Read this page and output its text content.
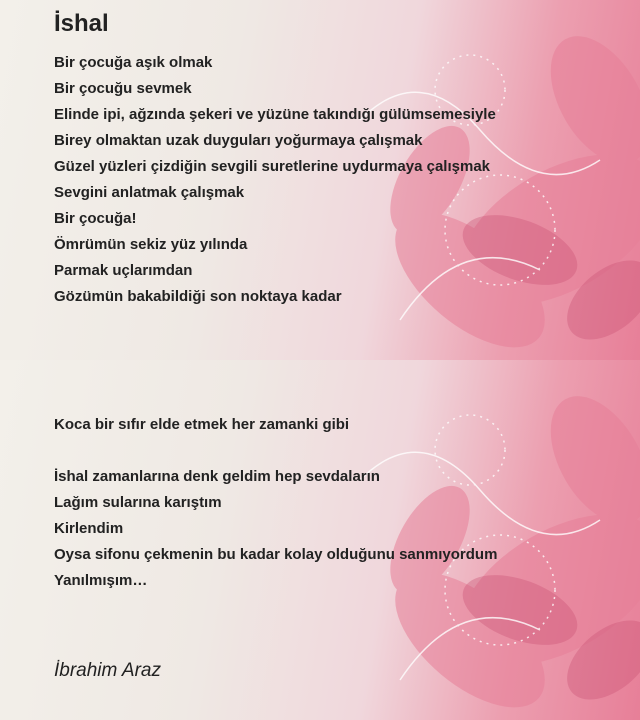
İshal
Bir çocuğa aşık olmak
Bir çocuğu sevmek
Elinde ipi, ağzında şekeri ve yüzüne takındığı gülümsemesiyle
Birey olmaktan uzak duyguları yoğurmaya çalışmak
Güzel yüzleri çizdiğin sevgili suretlerine uydurmaya çalışmak
Sevgini anlatmak çalışmak
Bir çocuğa!
Ömrümün sekiz yüz yılında
Parmak uçlarımdan
Gözümün bakabildiği son noktaya kadar
Koca bir sıfır elde etmek her zamanki gibi
İshal zamanlarına denk geldim hep sevdaların
Lağım sularına karıştım
Kirlendim
Oysa sifonu çekmenin bu kadar kolay olduğunu sanmıyordum
Yanılmışım…
İbrahim Araz
